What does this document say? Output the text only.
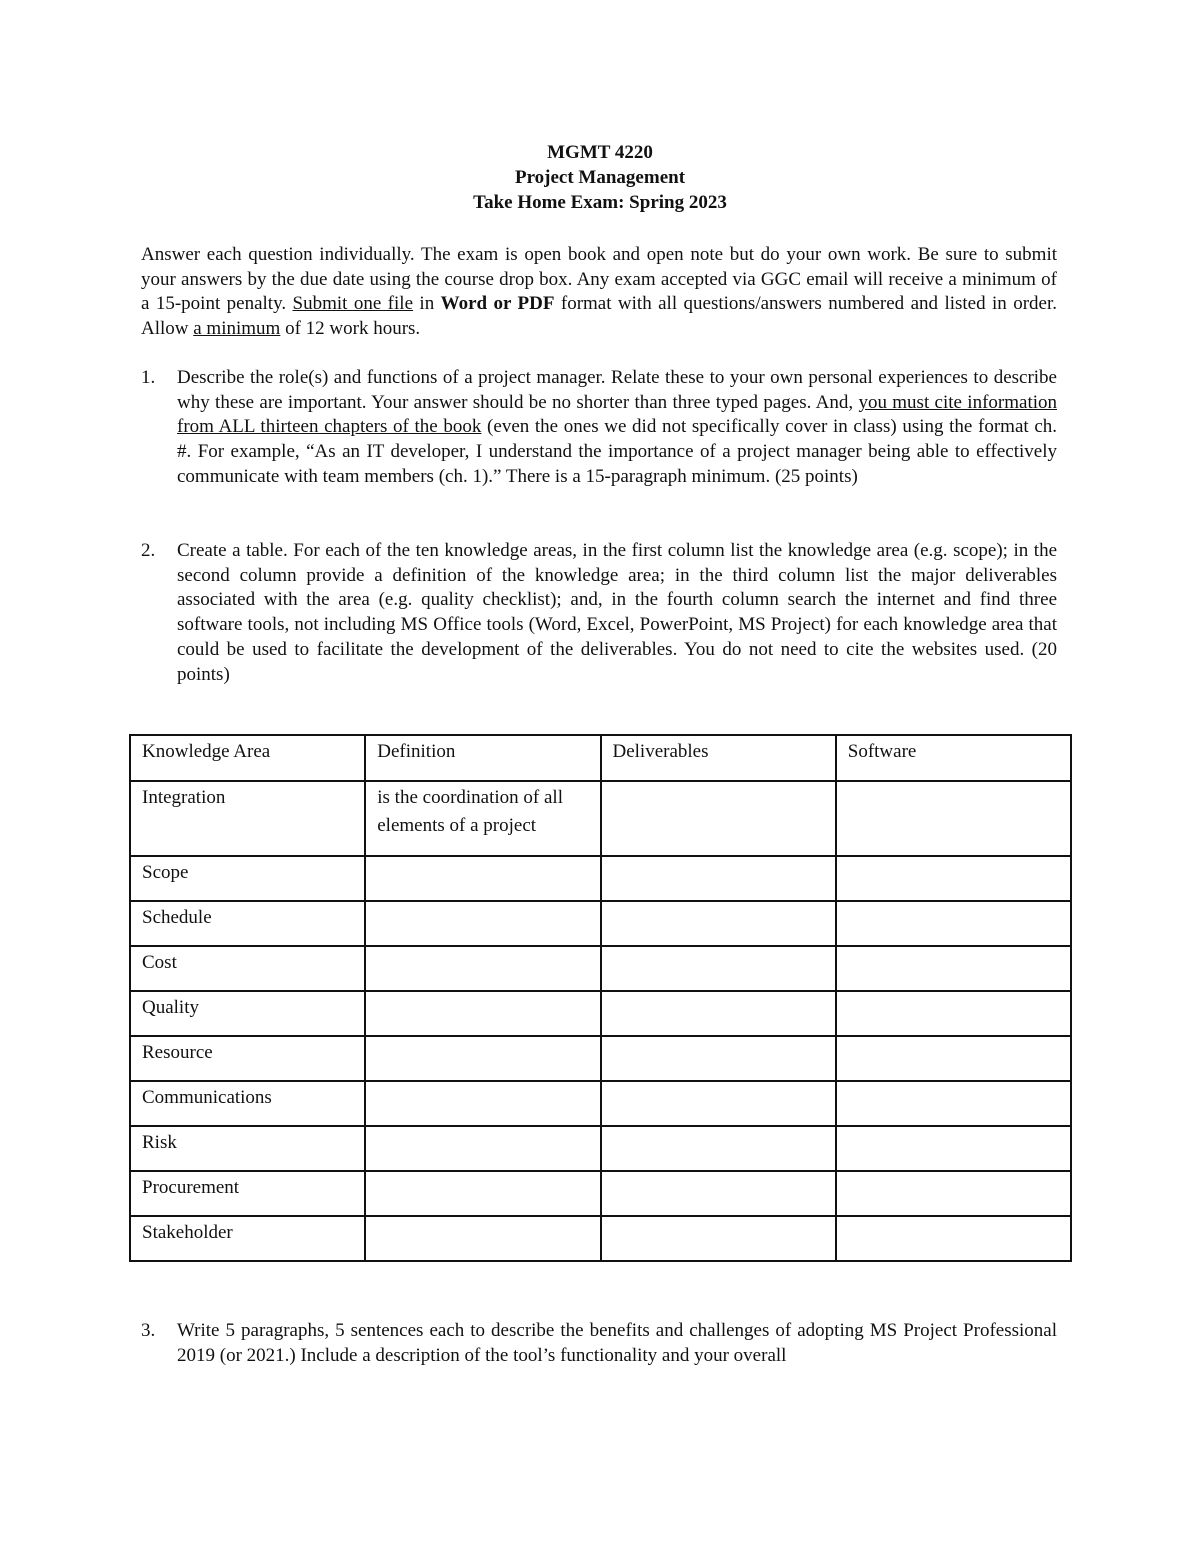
MGMT 4220
Project Management
Take Home Exam: Spring 2023
Answer each question individually. The exam is open book and open note but do your own work. Be sure to submit your answers by the due date using the course drop box. Any exam accepted via GGC email will receive a minimum of a 15-point penalty. Submit one file in Word or PDF format with all questions/answers numbered and listed in order. Allow a minimum of 12 work hours.
1.	Describe the role(s) and functions of a project manager. Relate these to your own personal experiences to describe why these are important. Your answer should be no shorter than three typed pages. And, you must cite information from ALL thirteen chapters of the book (even the ones we did not specifically cover in class) using the format ch. #. For example, “As an IT developer, I understand the importance of a project manager being able to effectively communicate with team members (ch. 1).” There is a 15-paragraph minimum. (25 points)
2.	Create a table. For each of the ten knowledge areas, in the first column list the knowledge area (e.g. scope); in the second column provide a definition of the knowledge area; in the third column list the major deliverables associated with the area (e.g. quality checklist); and, in the fourth column search the internet and find three software tools, not including MS Office tools (Word, Excel, PowerPoint, MS Project) for each knowledge area that could be used to facilitate the development of the deliverables. You do not need to cite the websites used. (20 points)
Knowledge Area	Definition	Deliverables	Software
Integration	is the coordination of all elements of a project		
Scope			
Schedule			
Cost			
Quality			
Resource			
Communications			
Risk			
Procurement			
Stakeholder			
3.	Write 5 paragraphs, 5 sentences each to describe the benefits and challenges of adopting MS Project Professional 2019 (or 2021.) Include a description of the tool’s functionality and your overall
